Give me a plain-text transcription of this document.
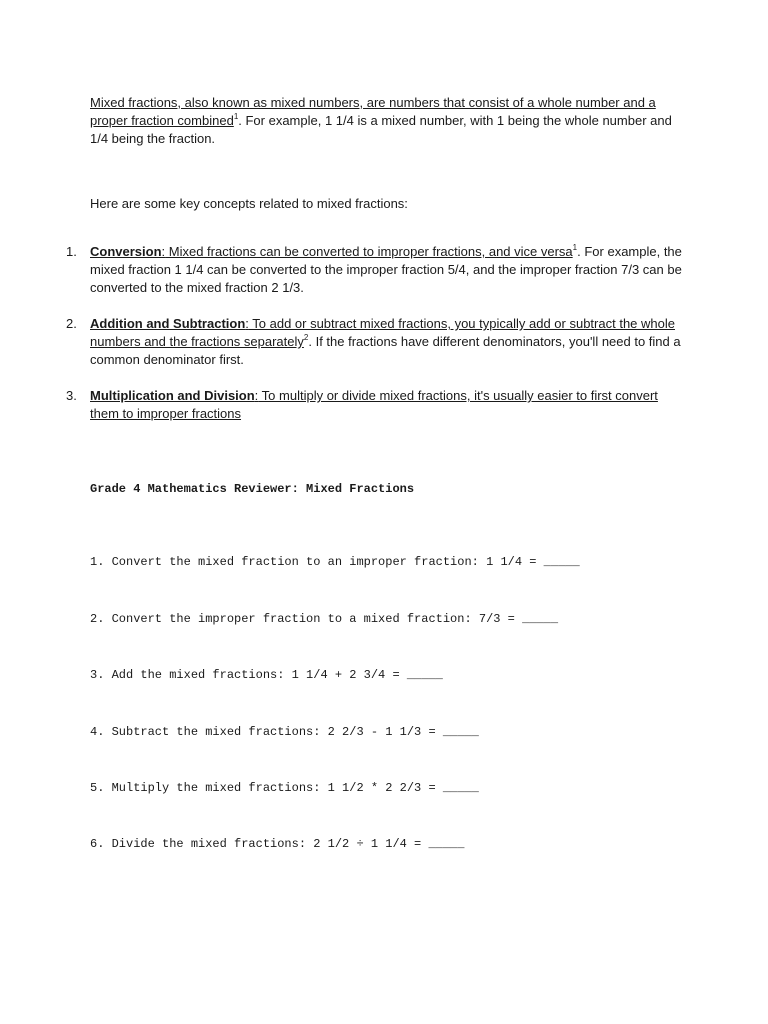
Mixed fractions, also known as mixed numbers, are numbers that consist of a whole number and a proper fraction combined$^1$. For example, 1 1/4 is a mixed number, with 1 being the whole number and 1/4 being the fraction.

Here are some key concepts related to mixed fractions:

1. Conversion: Mixed fractions can be converted to improper fractions, and vice versa$^1$. For example, the mixed fraction 1 1/4 can be converted to the improper fraction 5/4, and the improper fraction 7/3 can be converted to the mixed fraction 2 1/3.
2. Addition and Subtraction: To add or subtract mixed fractions, you typically add or subtract the whole numbers and the fractions separately$^2$. If the fractions have different denominators, you'll need to find a common denominator first.
3. Multiplication and Division: To multiply or divide mixed fractions, it's usually easier to first convert them to improper fractions
Grade 4 Mathematics Reviewer: Mixed Fractions

1. Convert the mixed fraction to an improper fraction: 1 1/4 = _____

2. Convert the improper fraction to a mixed fraction: 7/3 = _____

3. Add the mixed fractions: 1 1/4 + 2 3/4 = _____

4. Subtract the mixed fractions: 2 2/3 - 1 1/3 = _____

5. Multiply the mixed fractions: 1 1/2 * 2 2/3 = _____

6. Divide the mixed fractions: 2 1/2 ÷ 1 1/4 = _____
